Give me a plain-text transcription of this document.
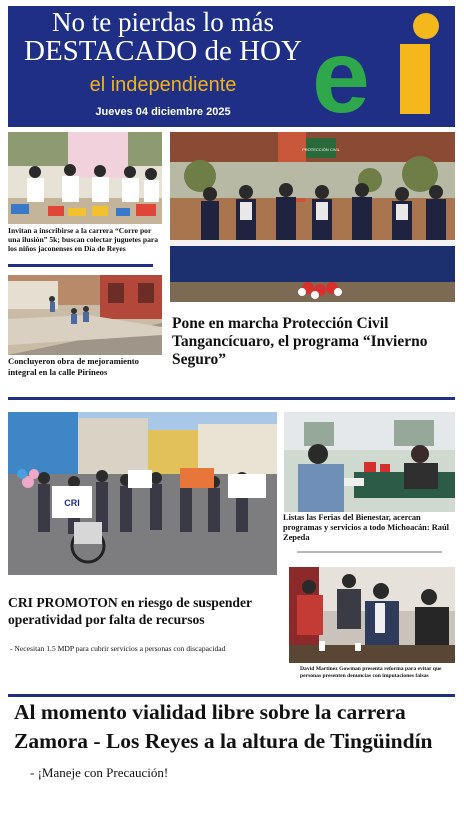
No te pierdas lo más
DESTACADO de HOY
el independiente
Jueves 04 diciembre 2025 e
Invitan a inscribirse a la carrera “Corre por una ilusión” 5k; buscan colectar juguetes para los niños jaconenses en Día de Reyes
Concluyeron obra de mejoramiento integral en la calle Pirineos
PROTECCIÓN CIVIL
Pone en marcha Protección Civil Tangancícuaro, el programa “Invierno Seguro”
CRI
CRI PROMOTON en riesgo de suspender operatividad por falta de recursos
- Necesitan 1.5 MDP para cubrir servicios a personas con discapacidad
Listas las Ferias del Bienestar, acercan programas y servicios a todo Michoacán: Raúl Zepeda
David Martinez Gowman presenta reforma para evitar que personas presenten denuncias con imputaciones falsas
Al momento vialidad libre sobre la carrera Zamora - Los Reyes a la altura de Tingüindín - ¡Maneje con Precaución!
